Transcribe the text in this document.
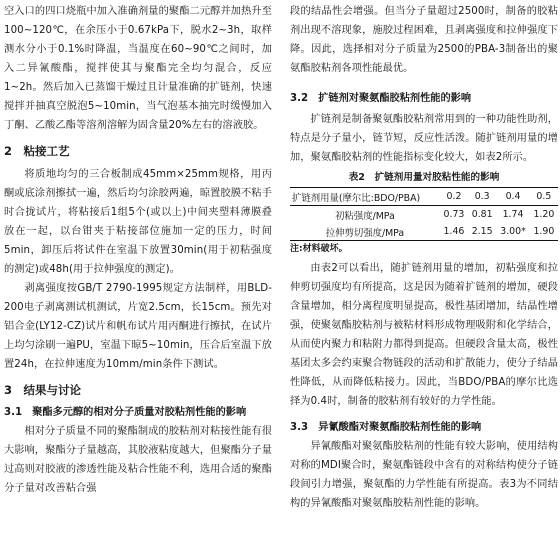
空入口的四口烧瓶中加入准确剂量的聚酯二元醇并加热升至100~120℃，在余压小于0.67kPa下，脱水2~3h，取样测水分小于0.1%时降温，当温度在60~90℃之间时，加入二异氰酸酯，搅拌使其与聚酯完全均匀混合，反应1~2h。然后加入已蒸馏干燥过且计量准确的扩链剂，快速搅拌并抽真空脱泡5~10min，当气泡基本抽完时缓慢加入丁酮、乙酸乙酯等溶剂溶解为固含量20%左右的溶液胶。

2　粘接工艺

将质地均匀的三合板制成45mm×25mm规格，用丙酮或底涂剂擦拭一遍，然后均匀涂胶两遍，晾置胶膜不粘手时合拢试片，将粘接后1组5个(或以上)中间夹塑料薄膜叠放在一起，以台钳夹于粘接部位施加一定的压力，时间5min，卸压后将试件在室温下放置30min(用于初粘强度的测定)或48h(用于拉伸强度的测定)。

剥离强度按GB/T 2790-1995规定方法制样，用BLD-200电子剥离测试机测试，片宽2.5cm，长15cm。预先对铝合金(LY12-CZ)试片和帆布试片用丙酮进行擦拭，在试片上均匀涂刷一遍PU，室温下晾5~10min，压合后室温下放置24h，在拉伸速度为10mm/min条件下测试。

3　结果与讨论

3.1　聚酯多元醇的相对分子质量对胶粘剂性能的影响

相对分子质量不同的聚酯制成的胶粘剂对粘接性能有很大影响，聚酯分子量越高，其胶液粘度越大，但聚酯分子量过高则对胶液的渗透性能及粘合性能不利，选用合适的聚酯分子量对改善粘合强

段的结晶性会增强。但当分子量超过2500时，制备的胶粘剂出现不溶现象，施胶过程困难，且剥离强度和拉伸强度下降。因此，选择相对分子质量为2500的PBA-3制备出的聚氨酯胶粘剂各项性能最优。

3.2　扩链剂对聚氨酯胶粘剂性能的影响

扩链剂是制备聚氨酯胶粘剂常用到的一种功能性助剂，特点是分子量小，链节短，反应性活泼。随扩链剂用量的增加，聚氨酯胶粘剂的性能指标变化较大，如表2所示。

表2　扩链剂用量对胶粘性能的影响

扩链剂用量(摩尔比:BDO/PBA)	0.2	0.3	0.4	0.5
初粘强度/MPa	0.73	0.81	1.74	1.20
拉伸剪切强度/MPa	1.46	2.15	3.00*	1.90

注:材料破坏。

由表2可以看出，随扩链剂用量的增加，初粘强度和拉伸剪切强度均有所提高，这是因为随着扩链剂的增加，硬段含量增加，相分离程度明显提高，极性基团增加，结晶性增强，使聚氨酯胶粘剂与被粘材料形成物理吸附和化学结合，从而使内聚力和粘附力都得到提高。但硬段含量太高，极性基团太多会约束聚合物链段的活动和扩散能力，使分子结晶性降低，从而降低粘接力。因此，当BDO/PBA的摩尔比选择为0.4时，制备的胶粘剂有较好的力学性能。

3.3　异氰酸酯对聚氨酯胶粘剂性能的影响

异氰酸酯对聚氨酯胶粘剂的性能有较大影响，使用结构对称的MDI聚合时，聚氨酯链段中含有的对称结构使分子链段间引力增强，聚氨酯的力学性能有所提高。表3为不同结构的异氰酸酯对聚氨酯胶粘剂性能的影响。
